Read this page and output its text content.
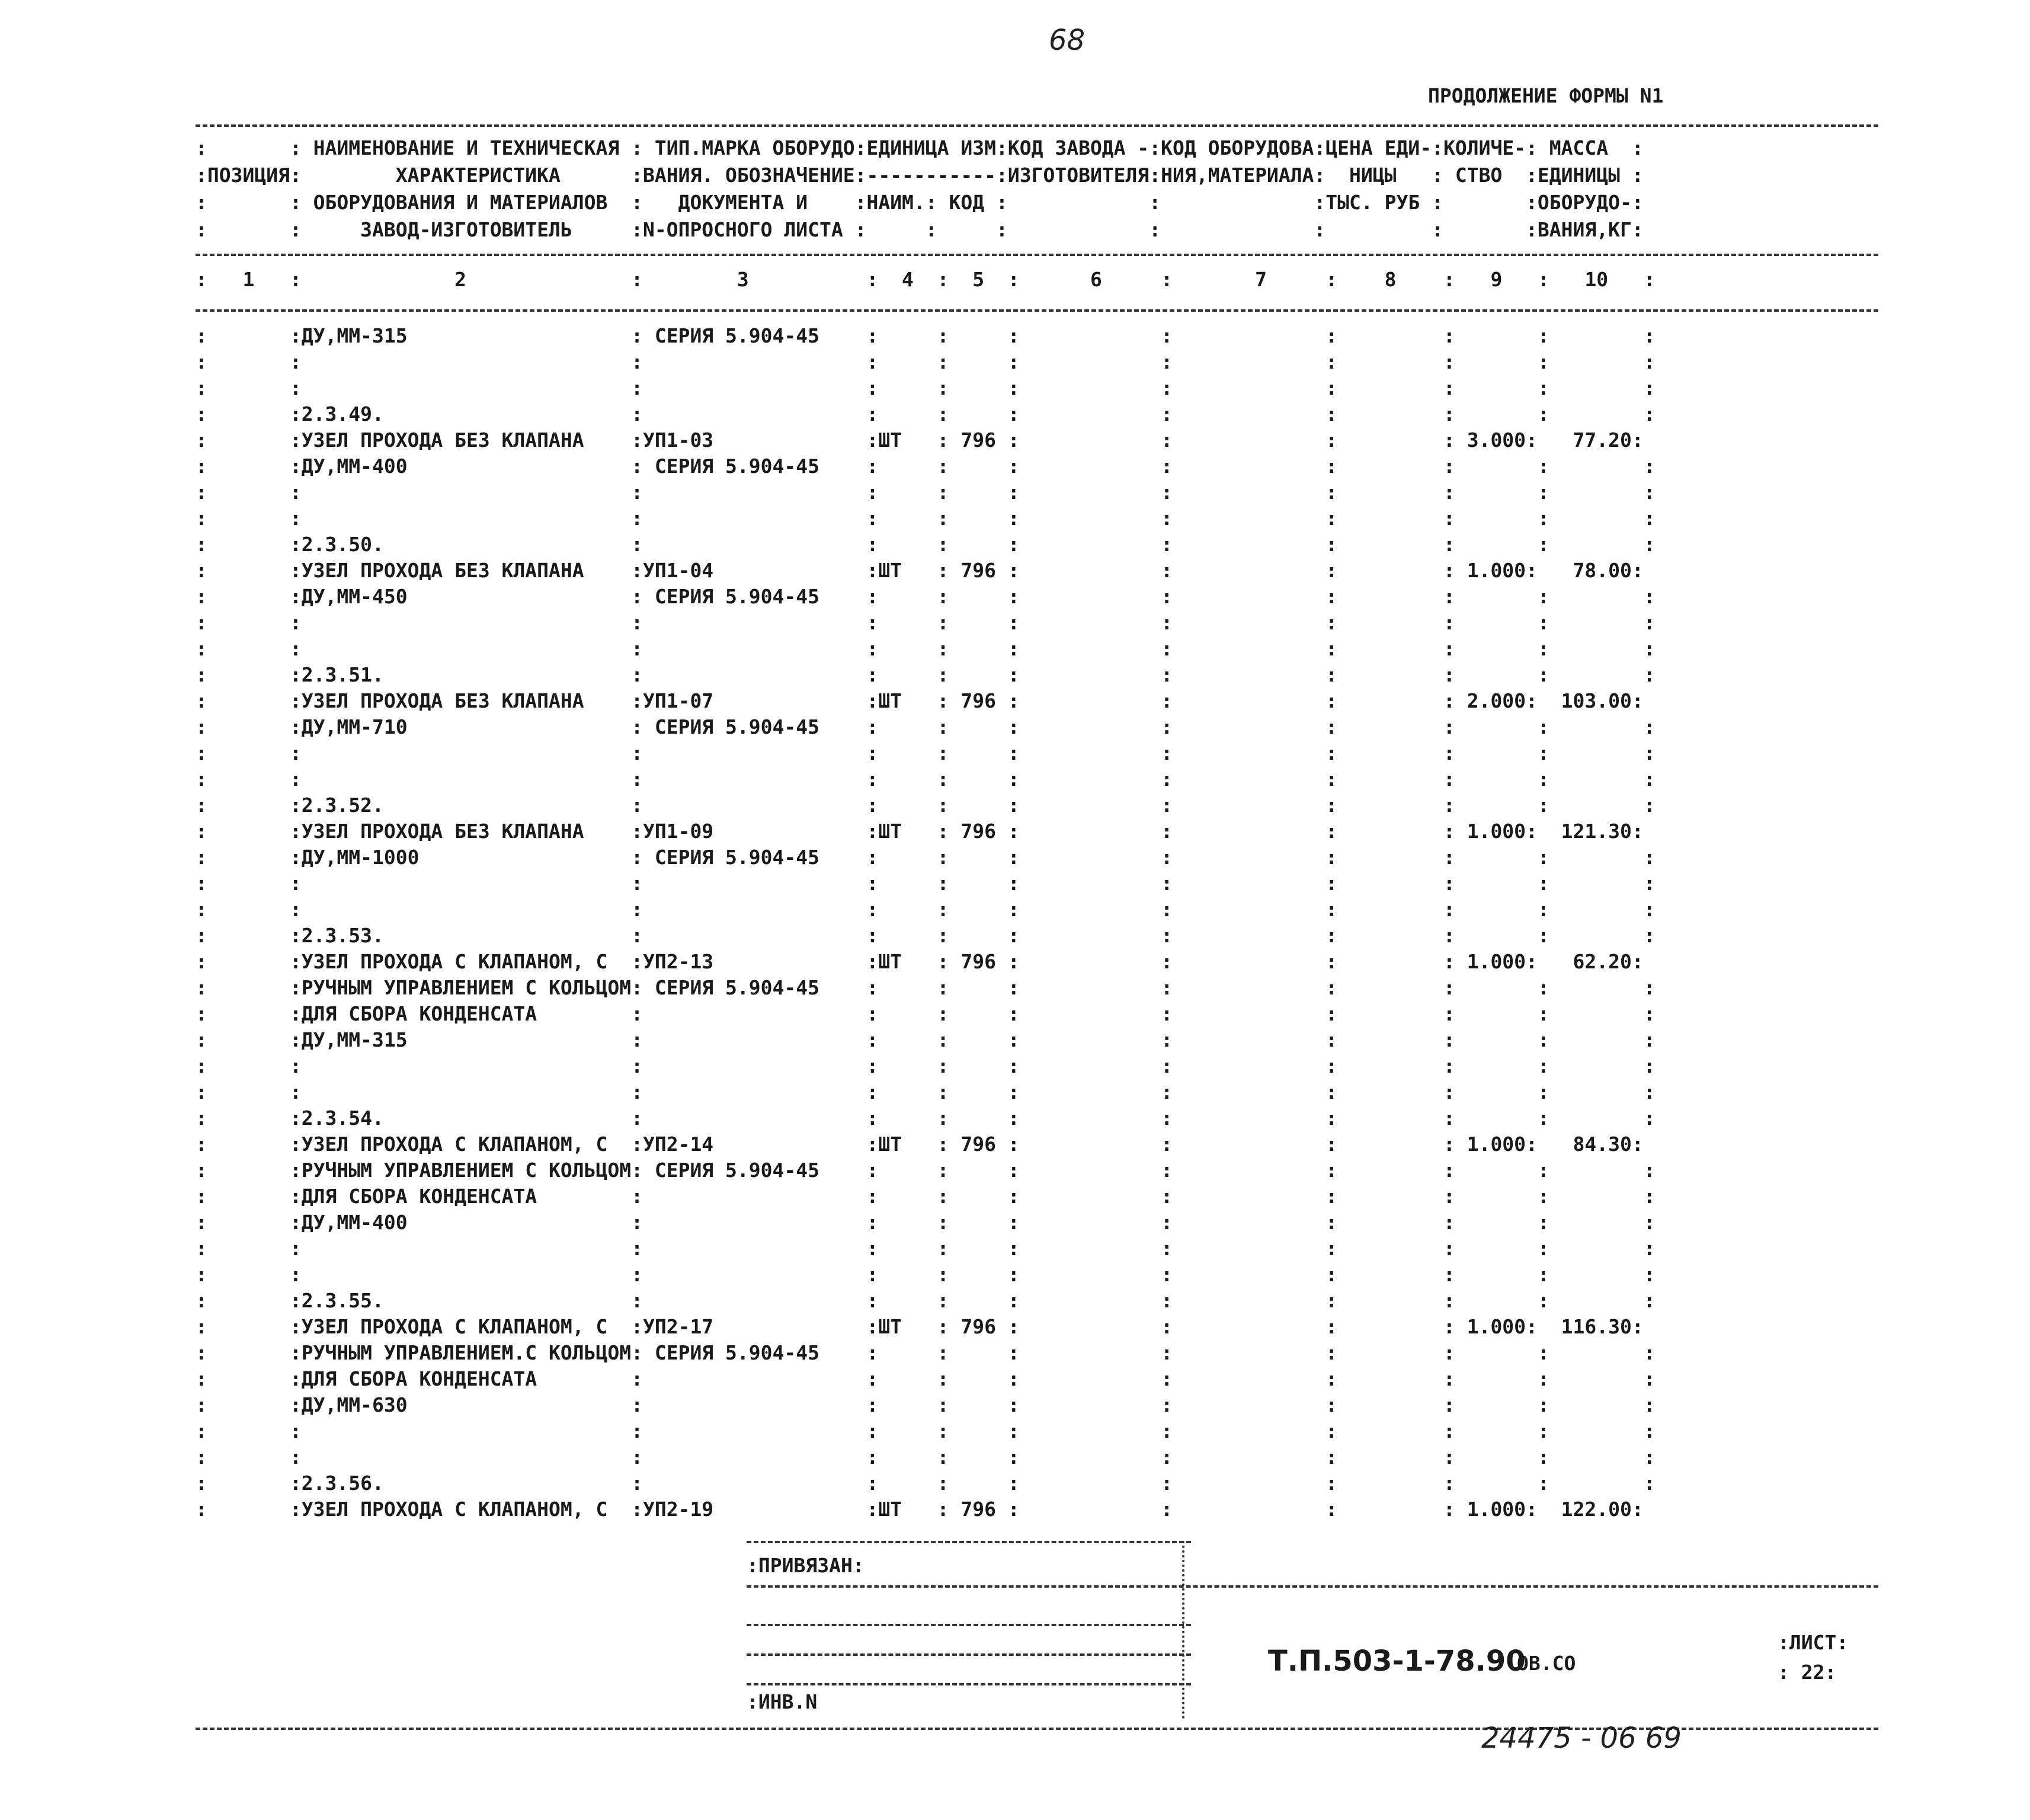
68
ПРОДОЛЖЕНИЕ ФОРМЫ N1
:       : НАИМЕНОВАНИЕ И ТЕХНИЧЕСКАЯ : ТИП.МАРКА ОБОРУДО:ЕДИНИЦА ИЗМ:КОД ЗАВОДА -:КОД ОБОРУДОВА:ЦЕНА ЕДИ-:КОЛИЧЕ-: МАССА  :
:ПОЗИЦИЯ:        ХАРАКТЕРИСТИКА      :ВАНИЯ. ОБОЗНАЧЕНИЕ:-----------:ИЗГОТОВИТЕЛЯ:НИЯ,МАТЕРИАЛА:  НИЦЫ   : СТВО  :ЕДИНИЦЫ :
:       : ОБОРУДОВАНИЯ И МАТЕРИАЛОВ  :   ДОКУМЕНТА И    :НАИМ.: КОД :            :             :ТЫС. РУБ :       :ОБОРУДО-:
:       :     ЗАВОД-ИЗГОТОВИТЕЛЬ     :N-ОПРОСНОГО ЛИСТА :     :     :            :             :         :       :ВАНИЯ,КГ:
:   1   :             2              :        3          :  4  :  5  :      6     :       7     :    8    :   9   :   10   :
:       :ДУ,ММ-315                   : СЕРИЯ 5.904-45    :     :     :            :             :         :       :        :
:       :                            :                   :     :     :            :             :         :       :        :
:       :                            :                   :     :     :            :             :         :       :        :
:       :2.3.49.                     :                   :     :     :            :             :         :       :        :
:       :УЗЕЛ ПРОХОДА БЕЗ КЛАПАНА    :УП1-03             :ШТ   : 796 :            :             :         : 3.000:   77.20:
:       :ДУ,ММ-400                   : СЕРИЯ 5.904-45    :     :     :            :             :         :       :        :
:       :                            :                   :     :     :            :             :         :       :        :
:       :                            :                   :     :     :            :             :         :       :        :
:       :2.3.50.                     :                   :     :     :            :             :         :       :        :
:       :УЗЕЛ ПРОХОДА БЕЗ КЛАПАНА    :УП1-04             :ШТ   : 796 :            :             :         : 1.000:   78.00:
:       :ДУ,ММ-450                   : СЕРИЯ 5.904-45    :     :     :            :             :         :       :        :
:       :                            :                   :     :     :            :             :         :       :        :
:       :                            :                   :     :     :            :             :         :       :        :
:       :2.3.51.                     :                   :     :     :            :             :         :       :        :
:       :УЗЕЛ ПРОХОДА БЕЗ КЛАПАНА    :УП1-07             :ШТ   : 796 :            :             :         : 2.000:  103.00:
:       :ДУ,ММ-710                   : СЕРИЯ 5.904-45    :     :     :            :             :         :       :        :
:       :                            :                   :     :     :            :             :         :       :        :
:       :                            :                   :     :     :            :             :         :       :        :
:       :2.3.52.                     :                   :     :     :            :             :         :       :        :
:       :УЗЕЛ ПРОХОДА БЕЗ КЛАПАНА    :УП1-09             :ШТ   : 796 :            :             :         : 1.000:  121.30:
:       :ДУ,ММ-1000                  : СЕРИЯ 5.904-45    :     :     :            :             :         :       :        :
:       :                            :                   :     :     :            :             :         :       :        :
:       :                            :                   :     :     :            :             :         :       :        :
:       :2.3.53.                     :                   :     :     :            :             :         :       :        :
:       :УЗЕЛ ПРОХОДА С КЛАПАНОМ, С  :УП2-13             :ШТ   : 796 :            :             :         : 1.000:   62.20:
:       :РУЧНЫМ УПРАВЛЕНИЕМ С КОЛЬЦОМ: СЕРИЯ 5.904-45    :     :     :            :             :         :       :        :
:       :ДЛЯ СБОРА КОНДЕНСАТА        :                   :     :     :            :             :         :       :        :
:       :ДУ,ММ-315                   :                   :     :     :            :             :         :       :        :
:       :                            :                   :     :     :            :             :         :       :        :
:       :                            :                   :     :     :            :             :         :       :        :
:       :2.3.54.                     :                   :     :     :            :             :         :       :        :
:       :УЗЕЛ ПРОХОДА С КЛАПАНОМ, С  :УП2-14             :ШТ   : 796 :            :             :         : 1.000:   84.30:
:       :РУЧНЫМ УПРАВЛЕНИЕМ С КОЛЬЦОМ: СЕРИЯ 5.904-45    :     :     :            :             :         :       :        :
:       :ДЛЯ СБОРА КОНДЕНСАТА        :                   :     :     :            :             :         :       :        :
:       :ДУ,ММ-400                   :                   :     :     :            :             :         :       :        :
:       :                            :                   :     :     :            :             :         :       :        :
:       :                            :                   :     :     :            :             :         :       :        :
:       :2.3.55.                     :                   :     :     :            :             :         :       :        :
:       :УЗЕЛ ПРОХОДА С КЛАПАНОМ, С  :УП2-17             :ШТ   : 796 :            :             :         : 1.000:  116.30:
:       :РУЧНЫМ УПРАВЛЕНИЕМ.С КОЛЬЦОМ: СЕРИЯ 5.904-45    :     :     :            :             :         :       :        :
:       :ДЛЯ СБОРА КОНДЕНСАТА        :                   :     :     :            :             :         :       :        :
:       :ДУ,ММ-630                   :                   :     :     :            :             :         :       :        :
:       :                            :                   :     :     :            :             :         :       :        :
:       :                            :                   :     :     :            :             :         :       :        :
:       :2.3.56.                     :                   :     :     :            :             :         :       :        :
:       :УЗЕЛ ПРОХОДА С КЛАПАНОМ, С  :УП2-19             :ШТ   : 796 :            :             :         : 1.000:  122.00:
:ПРИВЯЗАН:
:ИНВ.N
Т.П.503-1-78.90
ОВ.СО
:ЛИСТ:
: 22:
24475 - 06 69
